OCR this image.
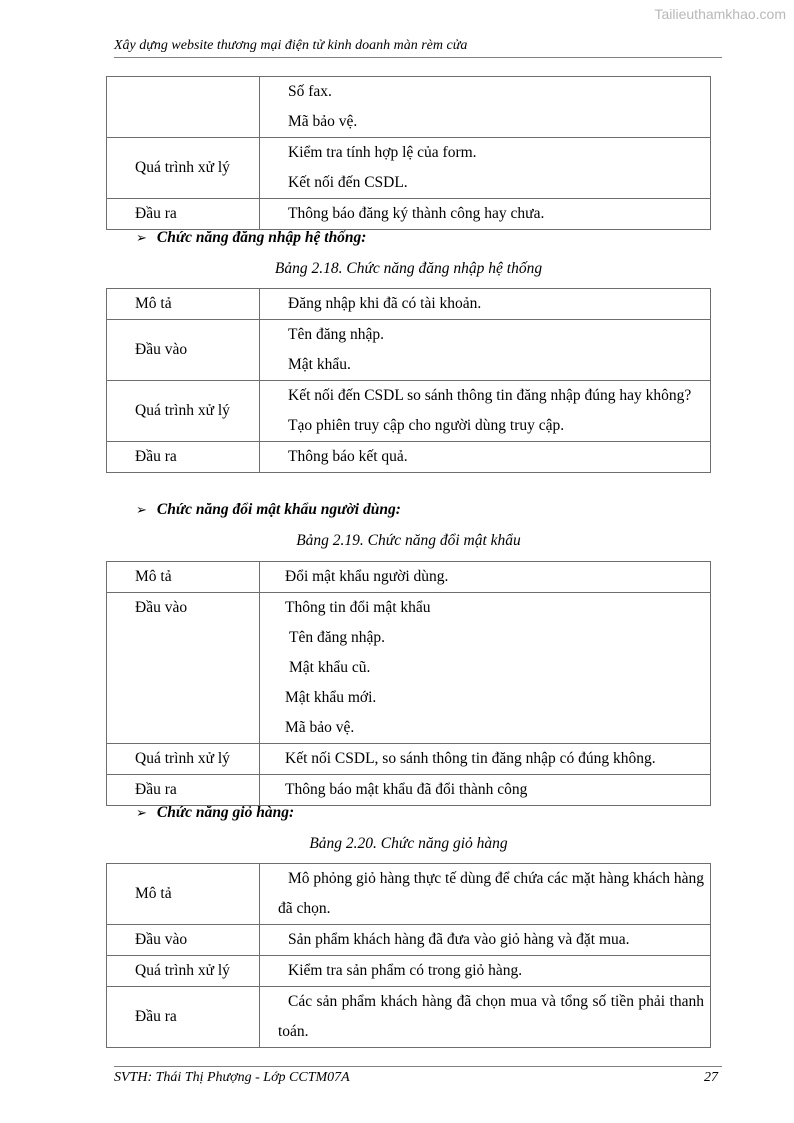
Tailieuthamkhao.com
Xây dựng website thương mại điện tử kinh doanh màn rèm cửa

	Số fax.
Mã bảo vệ.

Quá trình xử lý	Kiểm tra tính hợp lệ của form.
Kết nối đến CSDL.

Đầu ra	Thông báo đăng ký thành công hay chưa.
➢ Chức năng đăng nhập hệ thống:
Bảng 2.18. Chức năng đăng nhập hệ thống
Mô tả	Đăng nhập khi đã có tài khoản.
Đầu vào	Tên đăng nhập.
Mật khẩu.

Quá trình xử lý	Kết nối đến CSDL so sánh thông tin đăng nhập đúng hay không?
Tạo phiên truy cập cho người dùng truy cập.

Đầu ra	Thông báo kết quả.
➢ Chức năng đổi mật khẩu người dùng:
Bảng 2.19. Chức năng đổi mật khẩu
Mô tả	Đổi mật khẩu người dùng.
Đầu vào	Thông tin đổi mật khẩu
Tên đăng nhập.
Mật khẩu cũ.
Mật khẩu mới.
Mã bảo vệ.

Quá trình xử lý	Kết nối CSDL, so sánh thông tin đăng nhập có đúng không.
Đầu ra	Thông báo mật khẩu đã đổi thành công
➢ Chức năng giỏ hàng:
Bảng 2.20. Chức năng giỏ hàng
Mô tả	Mô phỏng giỏ hàng thực tế dùng để chứa các mặt hàng khách hàng đã chọn.
Đầu vào	Sản phẩm khách hàng đã đưa vào giỏ hàng và đặt mua.
Quá trình xử lý	Kiểm tra sản phẩm có trong giỏ hàng.
Đầu ra	Các sản phẩm khách hàng đã chọn mua và tổng số tiền phải thanh toán.
SVTH: Thái Thị Phượng - Lớp CCTM07A	27
